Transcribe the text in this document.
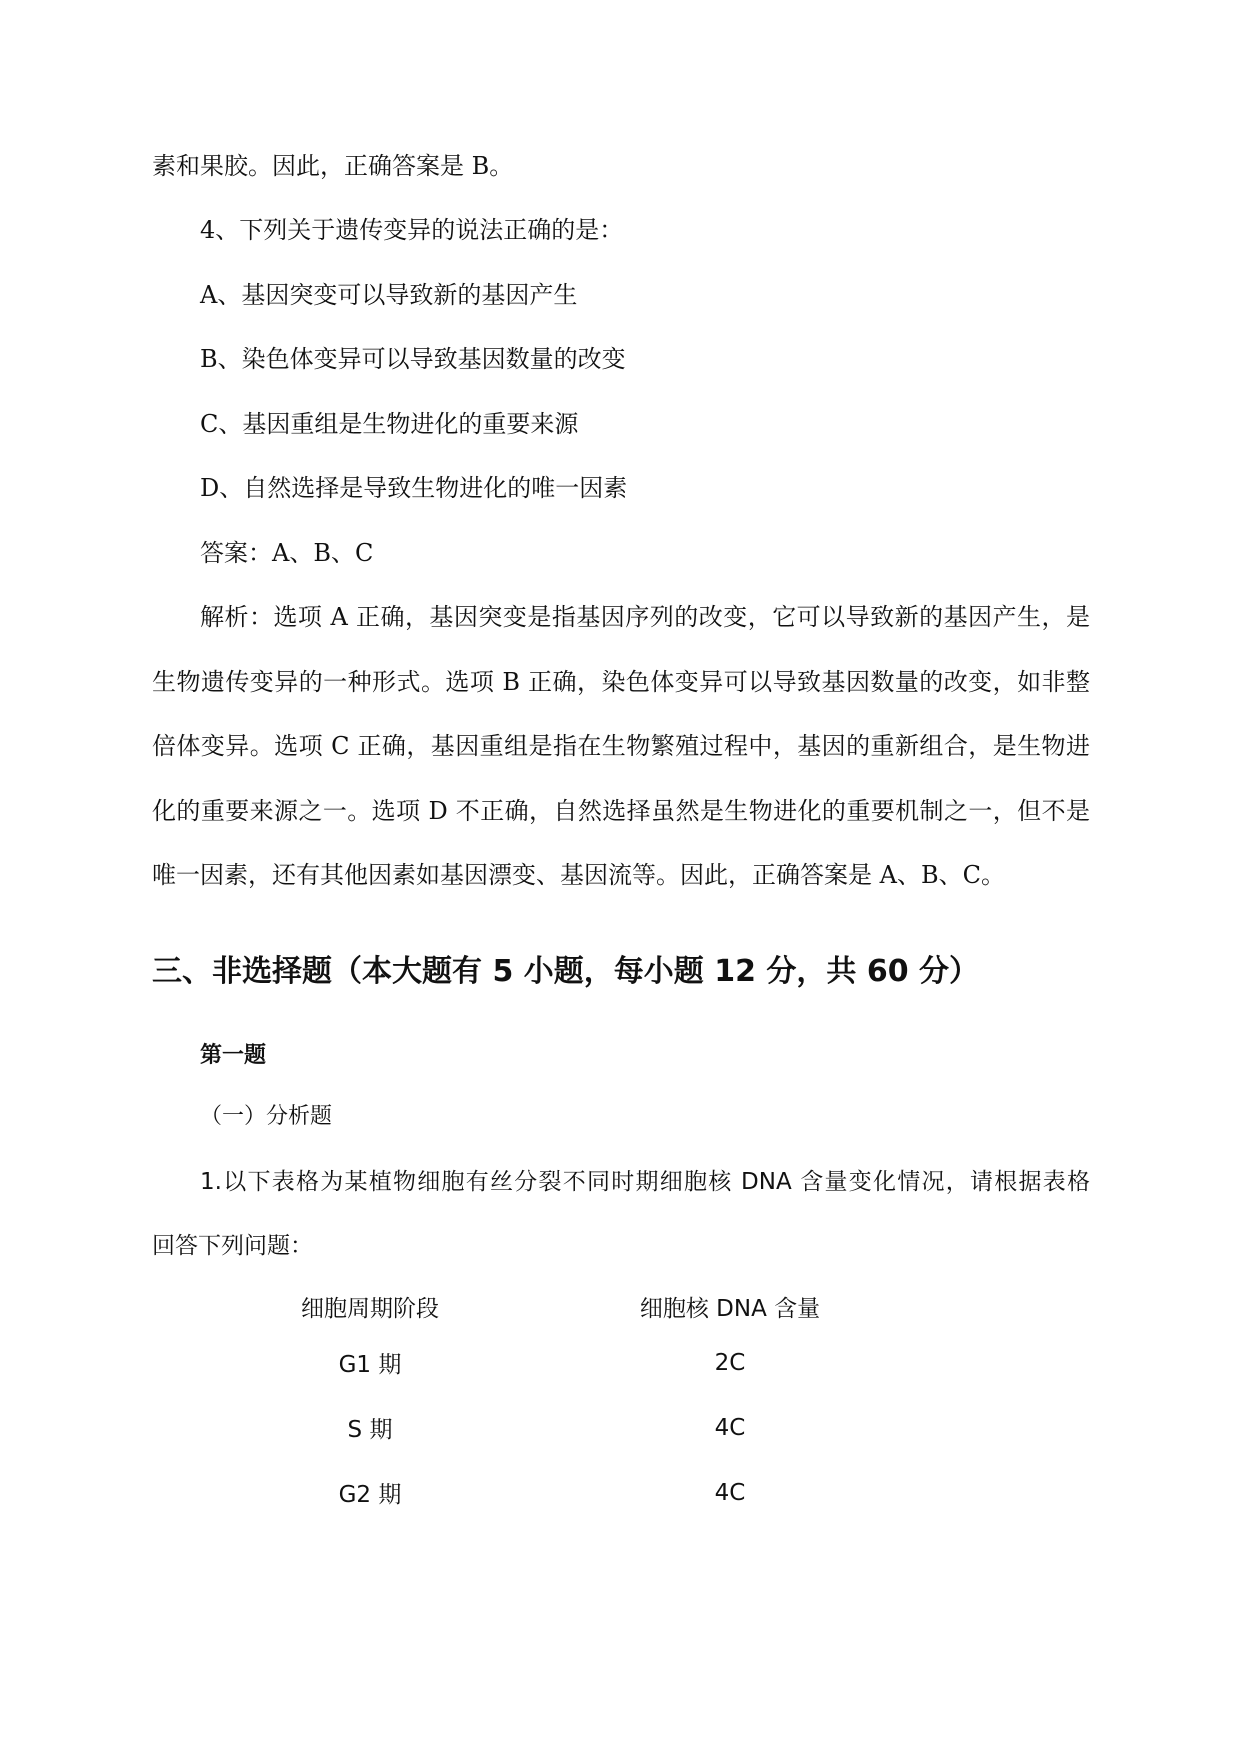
素和果胶。因此，正确答案是 B。

4、下列关于遗传变异的说法正确的是：

A、基因突变可以导致新的基因产生

B、染色体变异可以导致基因数量的改变

C、基因重组是生物进化的重要来源

D、自然选择是导致生物进化的唯一因素

答案：A、B、C

解析：选项 A 正确，基因突变是指基因序列的改变，它可以导致新的基因产生，是

生物遗传变异的一种形式。选项 B 正确，染色体变异可以导致基因数量的改变，如非整

倍体变异。选项 C 正确，基因重组是指在生物繁殖过程中，基因的重新组合，是生物进

化的重要来源之一。选项 D 不正确，自然选择虽然是生物进化的重要机制之一，但不是

唯一因素，还有其他因素如基因漂变、基因流等。因此，正确答案是 A、B、C。

三、非选择题（本大题有 5 小题，每小题 12 分，共 60 分）
第一题

（一）分析题

1.以下表格为某植物细胞有丝分裂不同时期细胞核 DNA 含量变化情况，请根据表格

回答下列问题：

细胞周期阶段	细胞核 DNA 含量
G1 期	2C
S 期	4C
G2 期	4C
